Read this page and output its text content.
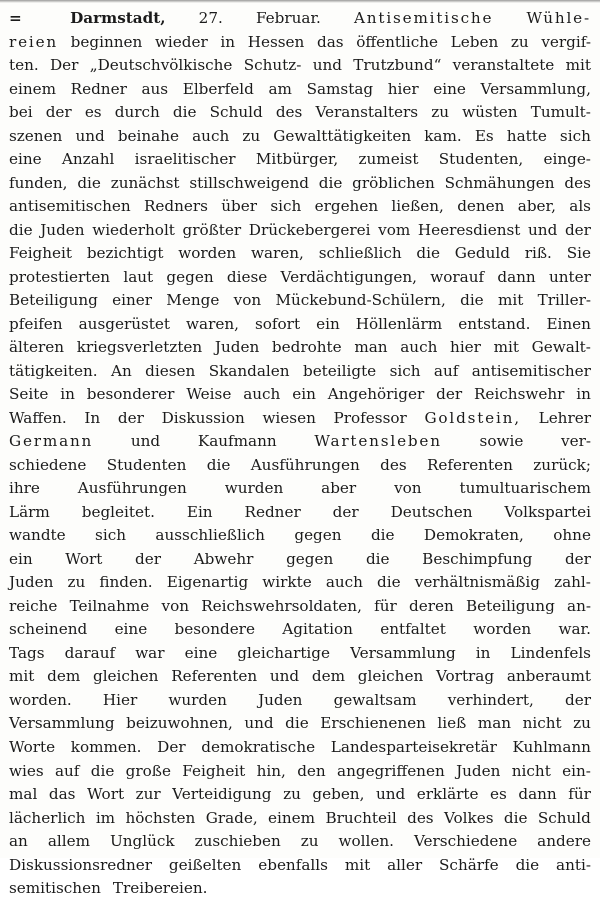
=	Darmstadt, 27. Februar. Antisemitische Wühle-
reien beginnen wieder in Hessen das öffentliche Leben zu vergif-
ten. Der „Deutschvölkische Schutz- und Trutzbund“ veranstaltete mit
einem Redner aus Elberfeld am Samstag hier eine Versammlung,
bei der es durch die Schuld des Veranstalters zu wüsten Tumult-
szenen und beinahe auch zu Gewalttätigkeiten kam. Es hatte sich
eine Anzahl israelitischer Mitbürger, zumeist Studenten, einge-
funden, die zunächst stillschweigend die gröblichen Schmähungen des
antisemitischen Redners über sich ergehen ließen, denen aber, als
die Juden wiederholt größter Drückebergerei vom Heeresdienst und der
Feigheit bezichtigt worden waren, schließlich die Geduld riß. Sie
protestierten laut gegen diese Verdächtigungen, worauf dann unter
Beteiligung einer Menge von Mückebund-Schülern, die mit Triller-
pfeifen ausgerüstet waren, sofort ein Höllenlärm entstand. Einen
älteren kriegsverletzten Juden bedrohte man auch hier mit Gewalt-
tätigkeiten. An diesen Skandalen beteiligte sich auf antisemitischer
Seite in besonderer Weise auch ein Angehöriger der Reichswehr in
Waffen. In der Diskussion wiesen Professor Goldstein, Lehrer
Germann und Kaufmann Wartensleben sowie ver-
schiedene Studenten die Ausführungen des Referenten zurück;
ihre Ausführungen wurden aber von tumultuarischem
Lärm begleitet. Ein Redner der Deutschen Volkspartei
wandte sich ausschließlich gegen die Demokraten, ohne
ein Wort der Abwehr gegen die Beschimpfung der
Juden zu finden. Eigenartig wirkte auch die verhältnismäßig zahl-
reiche Teilnahme von Reichswehrsoldaten, für deren Beteiligung an-
scheinend eine besondere Agitation entfaltet worden war.
Tags darauf war eine gleichartige Versammlung in Lindenfels
mit dem gleichen Referenten und dem gleichen Vortrag anberaumt
worden. Hier wurden Juden gewaltsam verhindert, der
Versammlung beizuwohnen, und die Erschienenen ließ man nicht zu
Worte kommen. Der demokratische Landesparteisekretär Kuhlmann
wies auf die große Feigheit hin, den angegriffenen Juden nicht ein-
mal das Wort zur Verteidigung zu geben, und erklärte es dann für
lächerlich im höchsten Grade, einem Bruchteil des Volkes die Schuld
an allem Unglück zuschieben zu wollen. Verschiedene andere
Diskussionsredner geißelten ebenfalls mit aller Schärfe die anti-
semitischen Treibereien.
